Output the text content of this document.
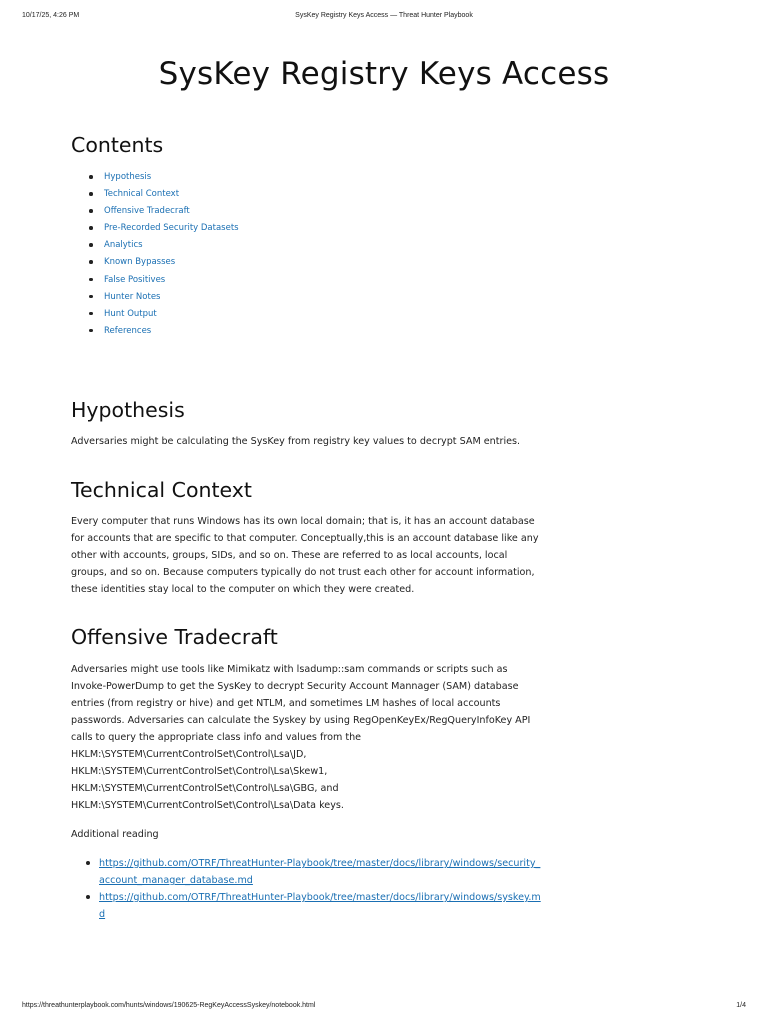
10/17/25, 4:26 PM	SysKey Registry Keys Access — Threat Hunter Playbook
SysKey Registry Keys Access
Contents
Hypothesis
Technical Context
Offensive Tradecraft
Pre-Recorded Security Datasets
Analytics
Known Bypasses
False Positives
Hunter Notes
Hunt Output
References
Hypothesis

Adversaries might be calculating the SysKey from registry key values to decrypt SAM entries.

Technical Context

Every computer that runs Windows has its own local domain; that is, it has an account database for accounts that are specific to that computer. Conceptually,this is an account database like any other with accounts, groups, SIDs, and so on. These are referred to as local accounts, local groups, and so on. Because computers typically do not trust each other for account information, these identities stay local to the computer on which they were created.

Offensive Tradecraft

Adversaries might use tools like Mimikatz with lsadump::sam commands or scripts such as Invoke-PowerDump to get the SysKey to decrypt Security Account Mannager (SAM) database entries (from registry or hive) and get NTLM, and sometimes LM hashes of local accounts passwords. Adversaries can calculate the Syskey by using RegOpenKeyEx/RegQueryInfoKey API calls to query the appropriate class info and values from the HKLM:\SYSTEM\CurrentControlSet\Control\Lsa\JD, HKLM:\SYSTEM\CurrentControlSet\Control\Lsa\Skew1, HKLM:\SYSTEM\CurrentControlSet\Control\Lsa\GBG, and HKLM:\SYSTEM\CurrentControlSet\Control\Lsa\Data keys.

Additional reading

https://github.com/OTRF/ThreatHunter-Playbook/tree/master/docs/library/windows/security_account_manager_database.md
https://github.com/OTRF/ThreatHunter-Playbook/tree/master/docs/library/windows/syskey.md
https://threathunterplaybook.com/hunts/windows/190625-RegKeyAccessSyskey/notebook.html	1/4
